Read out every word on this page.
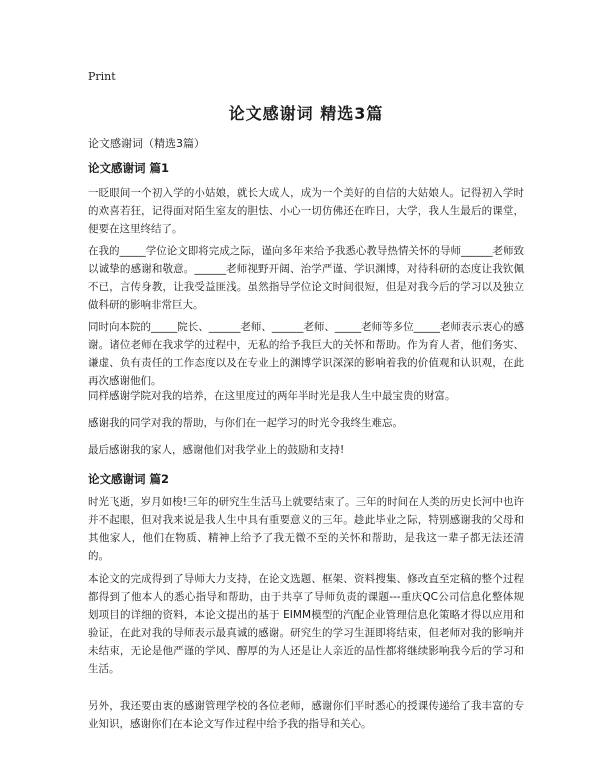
Print
论文感谢词 精选3篇
论文感谢词（精选3篇）
论文感谢词 篇1
一眨眼间一个初入学的小姑娘，就长大成人，成为一个美好的自信的大姑娘人。记得初入学时的欢喜若狂，记得面对陌生室友的胆怯、小心一切仿佛还在昨日，大学，我人生最后的课堂，便要在这里终结了。
在我的_____学位论文即将完成之际，谨向多年来给予我悉心教导热情关怀的导师______老师致以诚挚的感谢和敬意。______老师视野开阔、治学严谨、学识渊博，对待科研的态度让我钦佩不已，言传身教，让我受益匪浅。虽然指导学位论文时间很短，但是对我今后的学习以及独立做科研的影响非常巨大。
同时向本院的_____院长、______老师、______老师、_____老师等多位_____老师表示衷心的感谢。诸位老师在我求学的过程中，无私的给予我巨大的关怀和帮助。作为育人者，他们务实、谦虚、负有责任的工作态度以及在专业上的渊博学识深深的影响着我的价值观和认识观，在此再次感谢他们。
同样感谢学院对我的培养，在这里度过的两年半时光是我人生中最宝贵的财富。
感谢我的同学对我的帮助，与你们在一起学习的时光令我终生难忘。
最后感谢我的家人，感谢他们对我学业上的鼓励和支持!
论文感谢词 篇2
时光飞逝，岁月如梭!三年的研究生生活马上就要结束了。三年的时间在人类的历史长河中也许并不起眼，但对我来说是我人生中具有重要意义的三年。趁此毕业之际，特别感谢我的父母和其他家人，他们在物质、精神上给予了我无微不至的关怀和帮助，是我这一辈子都无法还清的。
本论文的完成得到了导师大力支持，在论文选题、框架、资料搜集、修改直至定稿的整个过程都得到了他本人的悉心指导和帮助，由于共享了导师负责的课题---重庆QC公司信息化整体规划项目的详细的资料，本论文提出的基于 EIMM模型的汽配企业管理信息化策略才得以应用和验证，在此对我的导师表示最真诚的感谢。研究生的学习生涯即将结束，但老师对我的影响并未结束，无论是他严谨的学风、醇厚的为人还是让人亲近的品性都将继续影响我今后的学习和生活。
另外，我还要由衷的感谢管理学校的各位老师，感谢你们平时悉心的授课传递给了我丰富的专业知识，感谢你们在本论文写作过程中给予我的指导和关心。
